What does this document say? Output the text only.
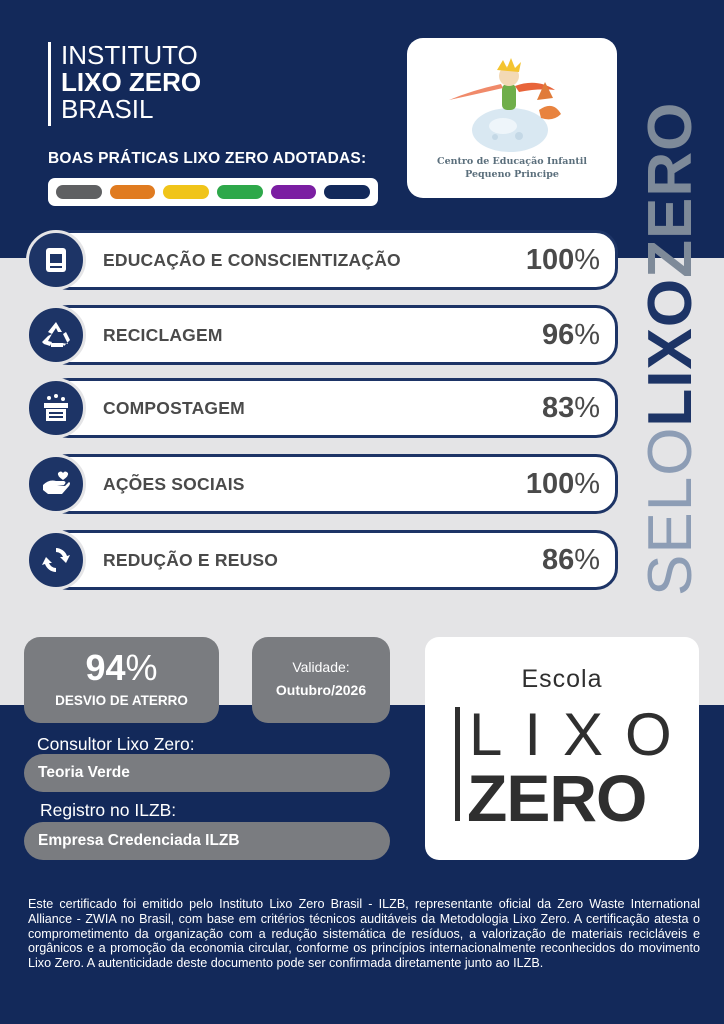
INSTITUTO
LIXO ZERO
BRASIL
BOAS PRÁTICAS LIXO ZERO ADOTADAS:	Centro de Educação Infantil
Pequeno Principe
SELOLIXOZERO
EDUCAÇÃO E CONSCIENTIZAÇÃO	100%
RECICLAGEM	96%
COMPOSTAGEM	83%
AÇÕES SOCIAIS	100%
REDUÇÃO E REUSO	86%
94%
DESVIO DE ATERRO
Validade:
Outubro/2026
Consultor Lixo Zero:
Teoria Verde
Registro no ILZB:
Empresa Credenciada ILZB
Escola
LIXO
ZERO
Este certificado foi emitido pelo Instituto Lixo Zero Brasil - ILZB, representante oficial da Zero Waste International Alliance - ZWIA no Brasil, com base em critérios técnicos auditáveis da Metodologia Lixo Zero. A certificação atesta o comprometimento da organização com a redução sistemática de resíduos, a valorização de materiais recicláveis e orgânicos e a promoção da economia circular, conforme os princípios internacionalmente reconhecidos do movimento Lixo Zero. A autenticidade deste documento pode ser confirmada diretamente junto ao ILZB.
